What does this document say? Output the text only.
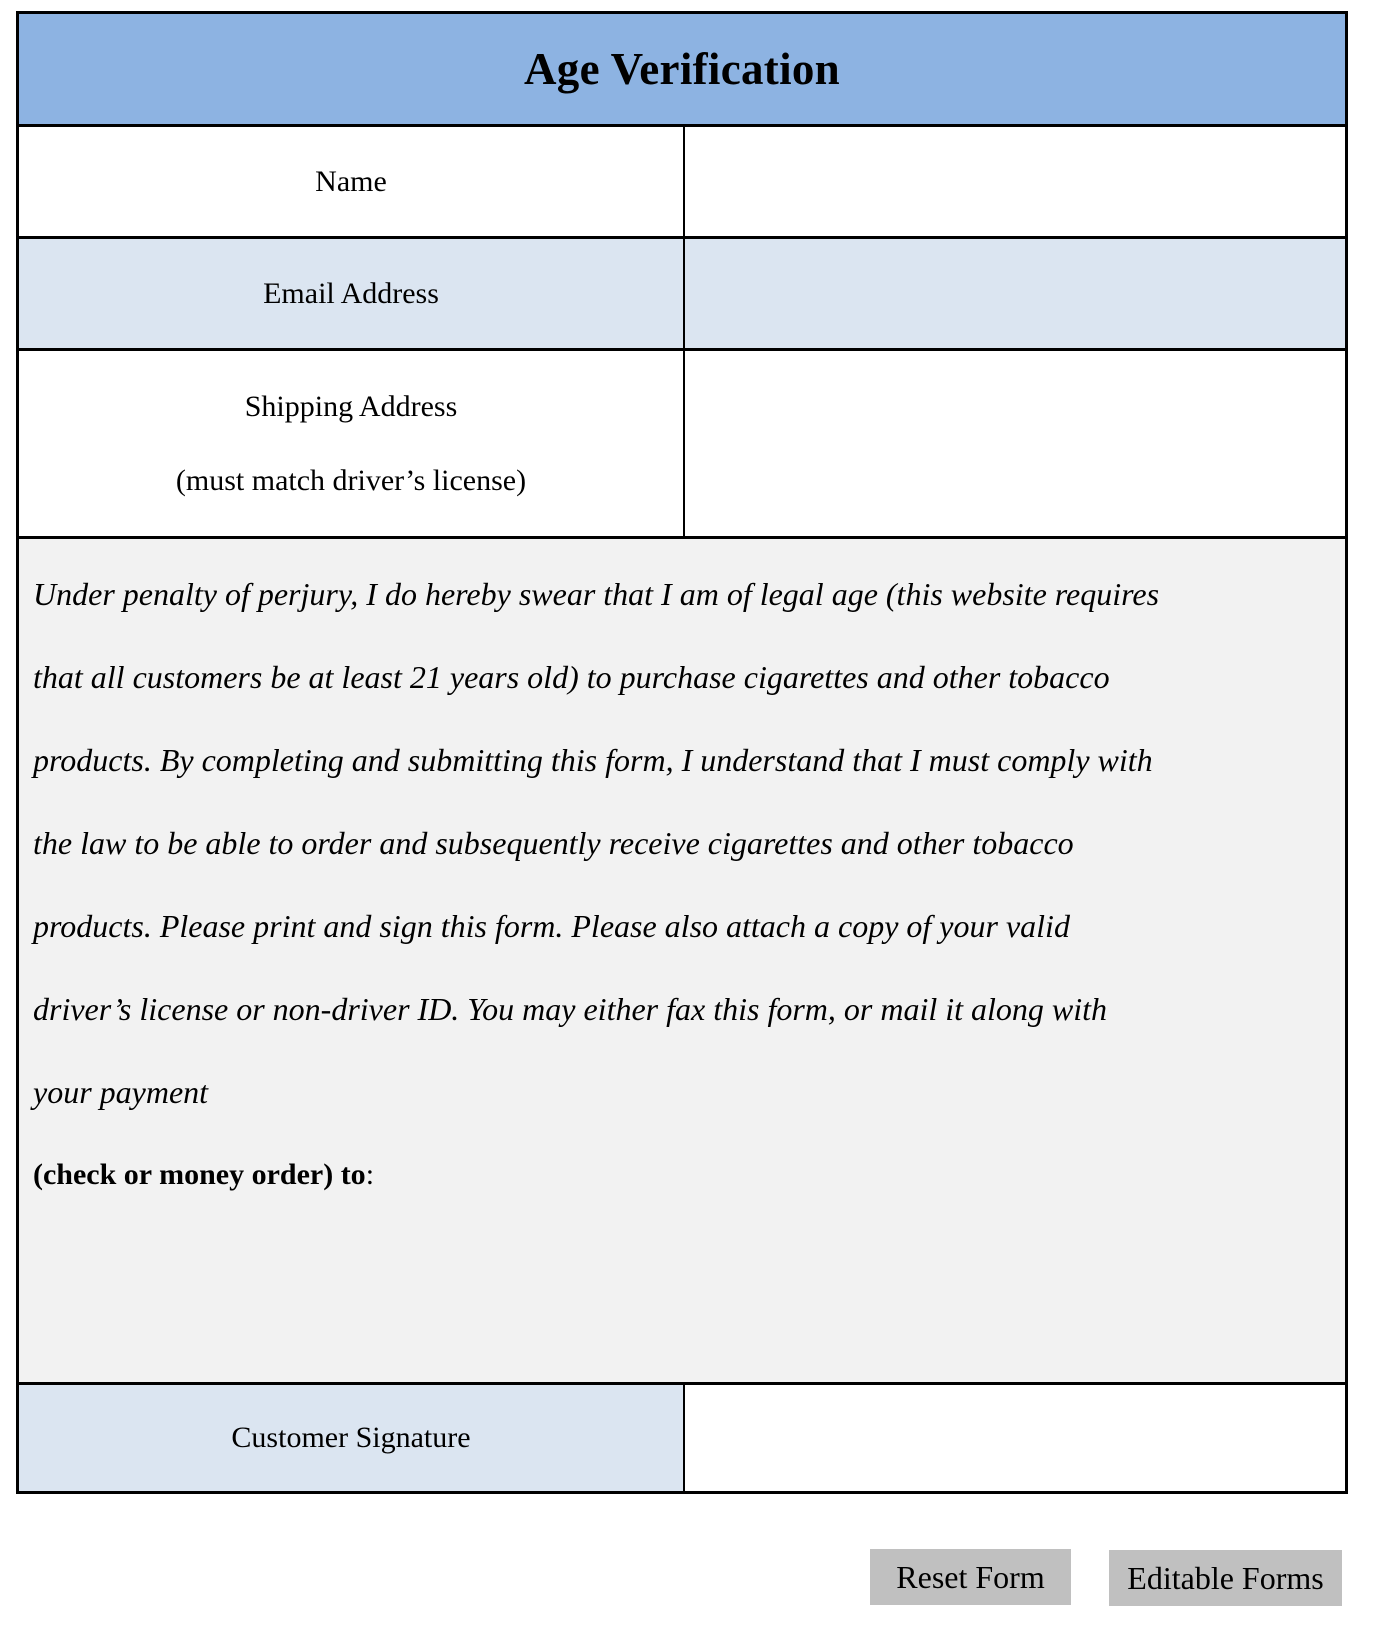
Age Verification
Name
Email Address
Shipping Address
(must match driver’s license)

Under penalty of perjury, I do hereby swear that I am of legal age (this website requires
that all customers be at least 21 years old) to purchase cigarettes and other tobacco
products. By completing and submitting this form, I understand that I must comply with
the law to be able to order and subsequently receive cigarettes and other tobacco
products. Please print and sign this form. Please also attach a copy of your valid
driver’s license or non-driver ID. You may either fax this form, or mail it along with
your payment

(check or money order) to:
Customer Signature
Reset Form	Editable Forms
